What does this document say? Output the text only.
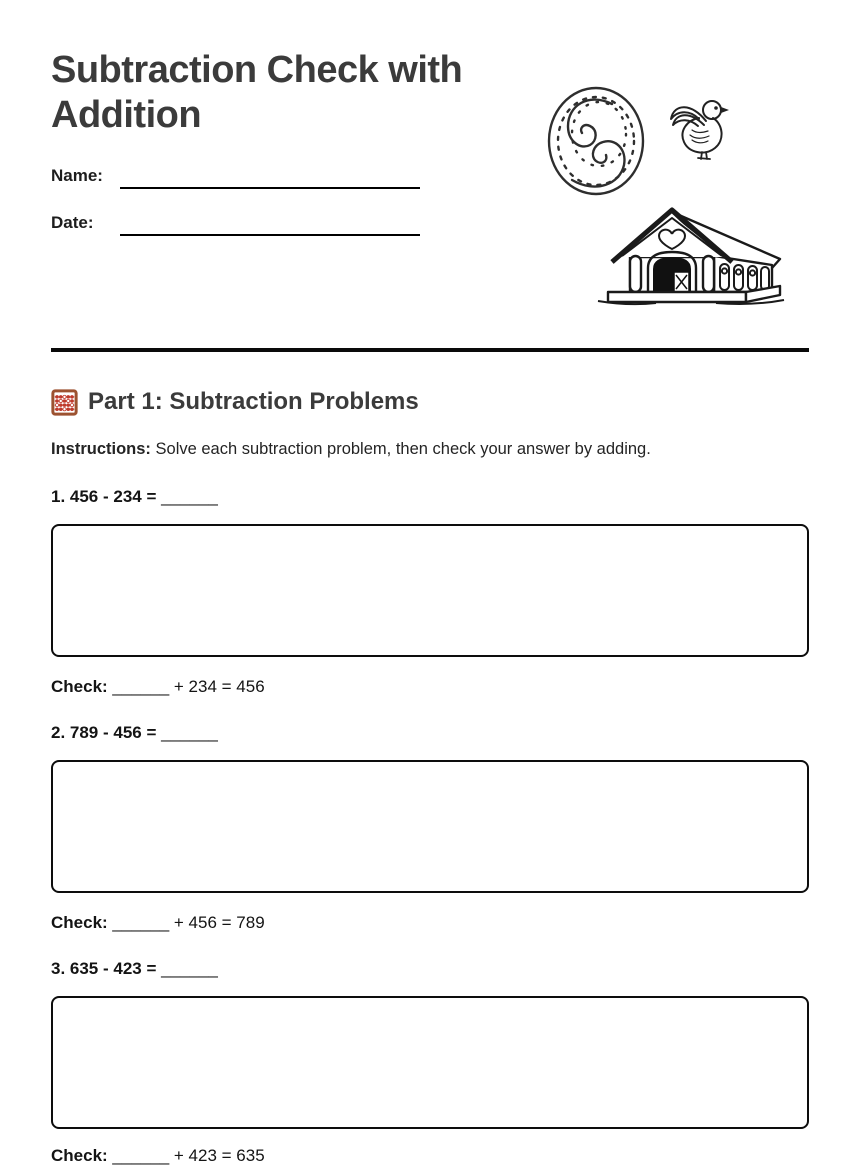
Subtraction Check with Addition
Name:
Date:
Part 1: Subtraction Problems

Instructions: Solve each subtraction problem, then check your answer by adding.

1. 456 - 234 = ______

Check: ______ + 234 = 456

2. 789 - 456 = ______

Check: ______ + 456 = 789

3. 635 - 423 = ______

Check: ______ + 423 = 635
